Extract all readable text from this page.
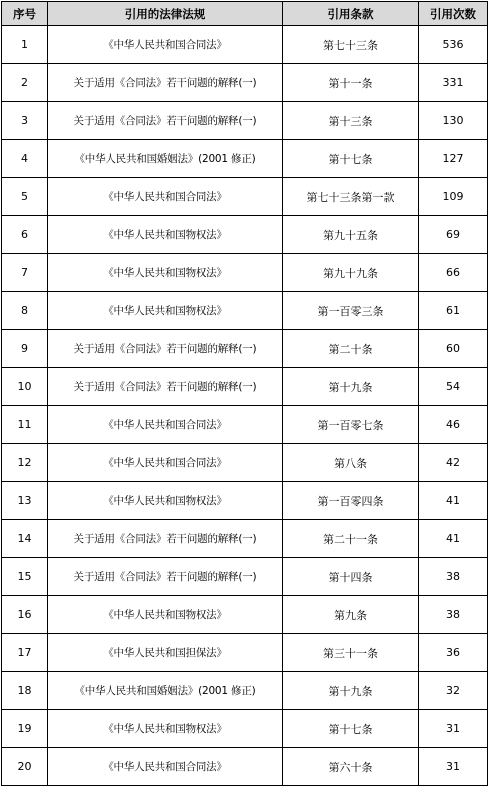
序号	引用的法律法规	引用条款	引用次数
1	《中华人民共和国合同法》	第七十三条	536
2	关于适用《合同法》若干问题的解释(一)	第十一条	331
3	关于适用《合同法》若干问题的解释(一)	第十三条	130
4	《中华人民共和国婚姻法》(2001 修正)	第十七条	127
5	《中华人民共和国合同法》	第七十三条第一款	109
6	《中华人民共和国物权法》	第九十五条	69
7	《中华人民共和国物权法》	第九十九条	66
8	《中华人民共和国物权法》	第一百零三条	61
9	关于适用《合同法》若干问题的解释(一)	第二十条	60
10	关于适用《合同法》若干问题的解释(一)	第十九条	54
11	《中华人民共和国合同法》	第一百零七条	46
12	《中华人民共和国合同法》	第八条	42
13	《中华人民共和国物权法》	第一百零四条	41
14	关于适用《合同法》若干问题的解释(一)	第二十一条	41
15	关于适用《合同法》若干问题的解释(一)	第十四条	38
16	《中华人民共和国物权法》	第九条	38
17	《中华人民共和国担保法》	第三十一条	36
18	《中华人民共和国婚姻法》(2001 修正)	第十九条	32
19	《中华人民共和国物权法》	第十七条	31
20	《中华人民共和国合同法》	第六十条	31
